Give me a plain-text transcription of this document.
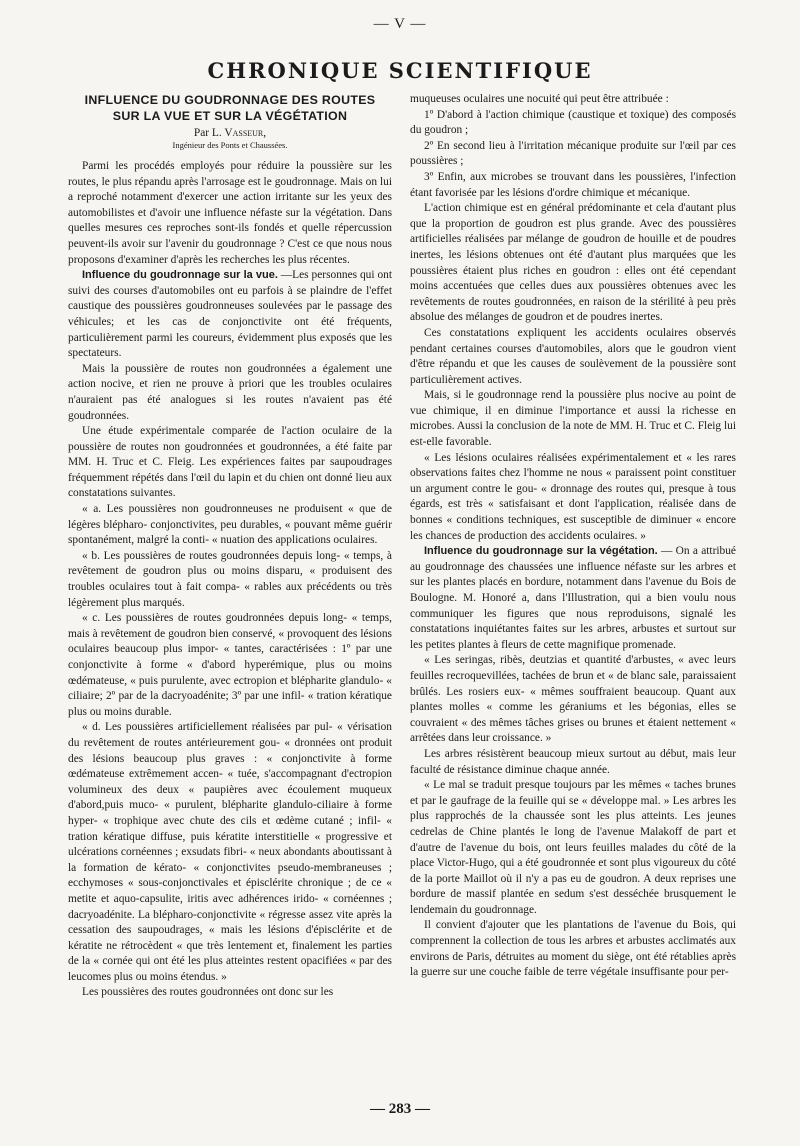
— V —
CHRONIQUE SCIENTIFIQUE
INFLUENCE DU GOUDRONNAGE DES ROUTES
SUR LA VUE ET SUR LA VÉGÉTATION
Par L. Vasseur,
Ingénieur des Ponts et Chaussées.

Parmi les procédés employés pour réduire la poussière sur les routes, le plus répandu après l'arrosage est le goudronnage. Mais on lui a reproché notamment d'exercer une action irritante sur les yeux des automobilistes et d'avoir une influence néfaste sur la végétation. Dans quelles mesures ces reproches sont-ils fondés et quelle répercussion peuvent-ils avoir sur l'avenir du goudronnage ? C'est ce que nous nous proposons d'examiner d'après les recherches les plus récentes.

Influence du goudronnage sur la vue. —Les personnes qui ont suivi des courses d'automobiles ont eu parfois à se plaindre de l'effet caustique des poussières goudronneuses soulevées par le passage des véhicules; et les cas de conjonctivite ont été fréquents, particulièrement parmi les coureurs, évidemment plus exposés que les spectateurs.

Mais la poussière de routes non goudronnées a également une action nocive, et rien ne prouve à priori que les troubles oculaires n'auraient pas été analogues si les routes n'avaient pas été goudronnées.

Une étude expérimentale comparée de l'action oculaire de la poussière de routes non goudronnées et goudronnées, a été faite par MM. H. Truc et C. Fleig. Les expériences faites par saupoudrages fréquemment répétés dans l'œil du lapin et du chien ont donné lieu aux constatations suivantes.

« a. Les poussières non goudronneuses ne produisent « que de légères blépharo- conjonctivites, peu durables, « pouvant même guérir spontanément, malgré la conti- « nuation des applications oculaires.

« b. Les poussières de routes goudronnées depuis long- « temps, à revêtement de goudron plus ou moins disparu, « produisent des troubles oculaires tout à fait compa- « rables aux précédents ou très légèrement plus marqués.

« c. Les poussières de routes goudronnées depuis long- « temps, mais à revêtement de goudron bien conservé, « provoquent des lésions oculaires beaucoup plus impor- « tantes, caractérisées : 1º par une conjonctivite à forme « d'abord hyperémique, plus ou moins œdémateuse, « puis purulente, avec ectropion et blépharite glandulo- « ciliaire; 2º par de la dacryoadénite; 3º par une infil- « tration kératique plus ou moins durable.

« d. Les poussières artificiellement réalisées par pul- « vérisation du revêtement de routes antérieurement gou- « dronnées ont produit des lésions beaucoup plus graves : « conjonctivite à forme œdémateuse extrêmement accen- « tuée, s'accompagnant d'ectropion volumineux des deux « paupières avec écoulement muqueux d'abord,puis muco- « purulent, blépharite glandulo-ciliaire à forme hyper- « trophique avec chute des cils et œdème cutané ; infil- « tration kératique diffuse, puis kératite interstitielle « progressive et ulcérations cornéennes ; exsudats fibri- « neux abondants aboutissant à la formation de kérato- « conjonctivites pseudo-membraneuses ; ecchymoses « sous-conjonctivales et épisclérite chronique ; de ce « metite et aquo-capsulite, iritis avec adhérences irido- « cornéennes ; dacryoadénite. La blépharo-conjonctivite « régresse assez vite après la cessation des saupoudrages, « mais les lésions d'épisclérite et de kératite ne rétrocèdent « que très lentement et, finalement les parties de la « cornée qui ont été les plus atteintes restent opacifiées « par des leucomes plus ou moins étendus. »

Les poussières des routes goudronnées ont donc sur les

muqueuses oculaires une nocuité qui peut être attribuée :

1º D'abord à l'action chimique (caustique et toxique) des composés du goudron ;

2º En second lieu à l'irritation mécanique produite sur l'œil par ces poussières ;

3º Enfin, aux microbes se trouvant dans les poussières, l'infection étant favorisée par les lésions d'ordre chimique et mécanique.

L'action chimique est en général prédominante et cela d'autant plus que la proportion de goudron est plus grande. Avec des poussières artificielles réalisées par mélange de goudron de houille et de poudres inertes, les lésions obtenues ont été d'autant plus marquées que les poussières étaient plus riches en goudron : elles ont été cependant moins accentuées que celles dues aux poussières obtenues avec les revêtements de routes goudronnées, en raison de la stérilité à peu près absolue des mélanges de goudron et de poudres inertes.

Ces constatations expliquent les accidents oculaires observés pendant certaines courses d'automobiles, alors que le goudron vient d'être répandu et que les causes de soulèvement de la poussière sont particulièrement actives.

Mais, si le goudronnage rend la poussière plus nocive au point de vue chimique, il en diminue l'importance et aussi la richesse en microbes. Aussi la conclusion de la note de MM. H. Truc et C. Fleig lui est-elle favorable.

« Les lésions oculaires réalisées expérimentalement et « les rares observations faites chez l'homme ne nous « paraissent point constituer un argument contre le gou- « dronnage des routes qui, presque à tous égards, est très « satisfaisant et dont l'application, réalisée dans de bonnes « conditions techniques, est susceptible de diminuer « encore les chances de production des accidents oculaires. »

Influence du goudronnage sur la végétation. — On a attribué au goudronnage des chaussées une influence néfaste sur les arbres et sur les plantes placés en bordure, notamment dans l'avenue du Bois de Boulogne. M. Honoré a, dans l'Illustration, qui a bien voulu nous communiquer les figures que nous reproduisons, signalé les constatations inquiétantes faites sur les arbres, arbustes et surtout sur les petites plantes à fleurs de cette magnifique promenade.

« Les seringas, ribès, deutzias et quantité d'arbustes, « avec leurs feuilles recroquevillées, tachées de brun et « de blanc sale, paraissaient brûlés. Les rosiers eux- « mêmes souffraient beaucoup. Quant aux plantes molles « comme les géraniums et les bégonias, elles se couvraient « des mêmes tâches grises ou brunes et étaient nettement « arrêtées dans leur croissance. »

Les arbres résistèrent beaucoup mieux surtout au début, mais leur faculté de résistance diminue chaque année.

« Le mal se traduit presque toujours par les mêmes « taches brunes et par le gaufrage de la feuille qui se « développe mal. » Les arbres les plus rapprochés de la chaussée sont les plus atteints. Les jeunes cedrelas de Chine plantés le long de l'avenue Malakoff de part et d'autre de l'avenue du bois, ont leurs feuilles malades du côté de la place Victor-Hugo, qui a été goudronnée et sont plus vigoureux du côté de la porte Maillot où il n'y a pas eu de goudron. A deux reprises une bordure de massif plantée en sedum s'est desséchée brusquement le lendemain du goudronnage.

Il convient d'ajouter que les plantations de l'avenue du Bois, qui comprennent la collection de tous les arbres et arbustes acclimatés aux environs de Paris, détruites au moment du siège, ont été rétablies après la guerre sur une couche faible de terre végétale insuffisante pour per-

— 283 —
